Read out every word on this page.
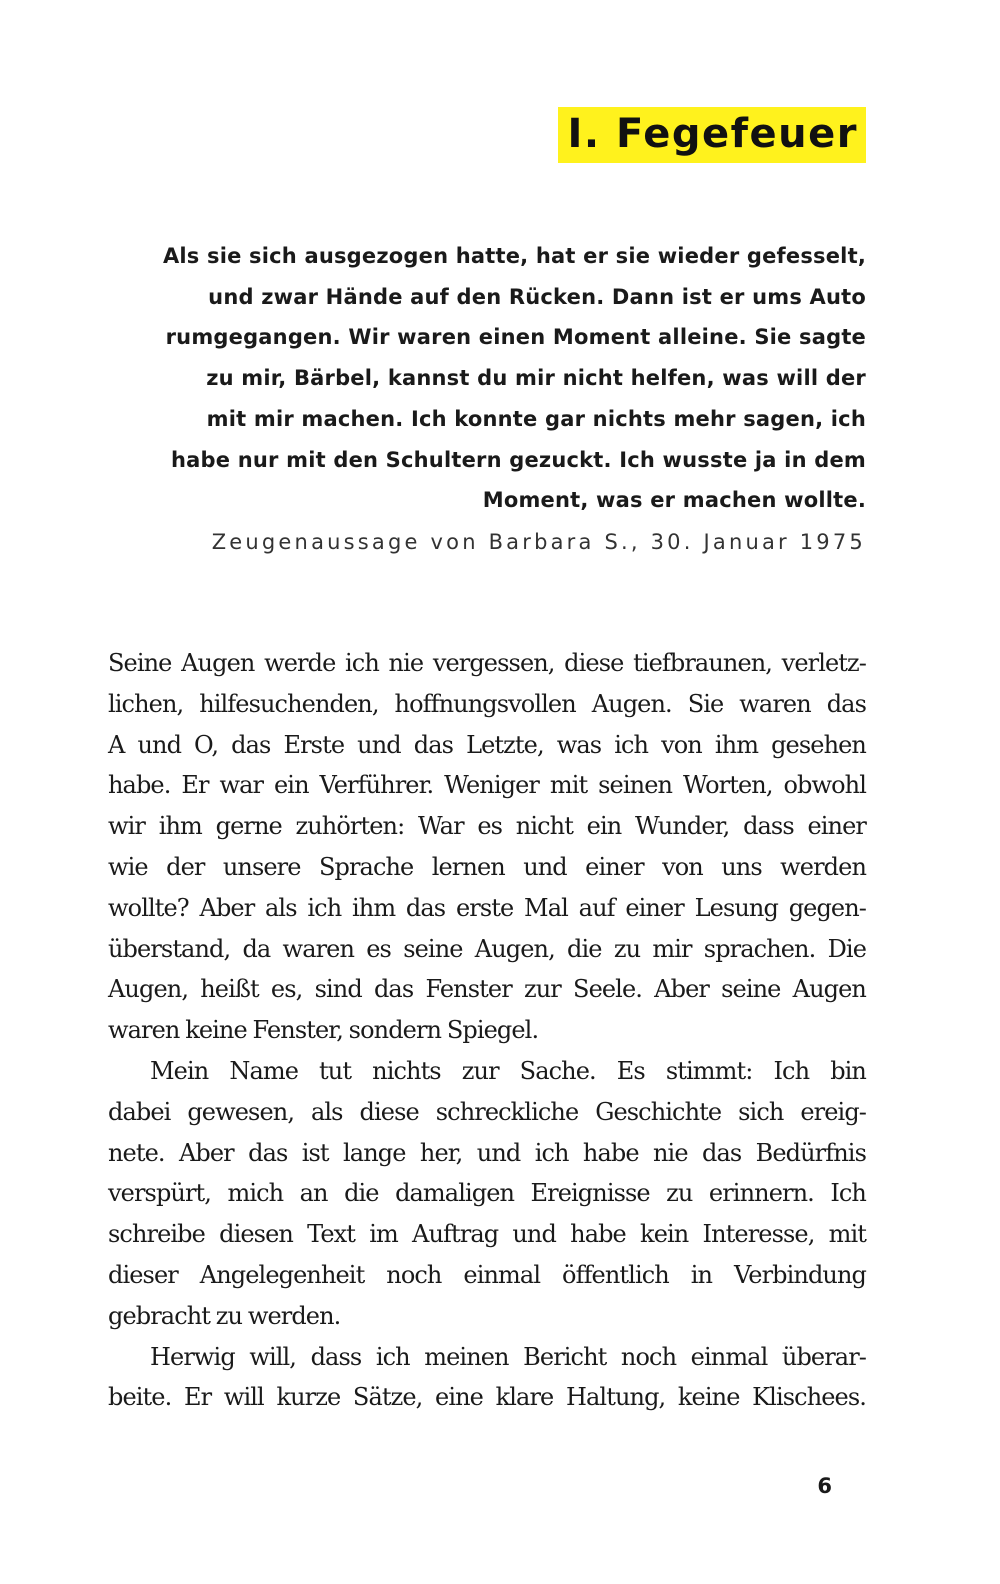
I. Fegefeuer
Als sie sich ausgezogen hatte, hat er sie wieder gefesselt,
und zwar Hände auf den Rücken. Dann ist er ums Auto
rumgegangen. Wir waren einen Moment alleine. Sie sagte
zu mir, Bärbel, kannst du mir nicht helfen, was will der
mit mir machen. Ich konnte gar nichts mehr sagen, ich
habe nur mit den Schultern gezuckt. Ich wusste ja in dem
Moment, was er machen wollte.
Zeugenaussage von Barbara S., 30. Januar 1975
Seine Augen werde ich nie vergessen, diese tiefbraunen, verletz-
lichen, hilfesuchenden, hoffnungsvollen Augen. Sie waren das
A und O, das Erste und das Letzte, was ich von ihm gesehen
habe. Er war ein Verführer. Weniger mit seinen Worten, obwohl
wir ihm gerne zuhörten: War es nicht ein Wunder, dass einer
wie der unsere Sprache lernen und einer von uns werden
wollte? Aber als ich ihm das erste Mal auf einer Lesung gegen-
überstand, da waren es seine Augen, die zu mir sprachen. Die
Augen, heißt es, sind das Fenster zur Seele. Aber seine Augen
waren keine Fenster, sondern Spiegel.
Mein Name tut nichts zur Sache. Es stimmt: Ich bin
dabei gewesen, als diese schreckliche Geschichte sich ereig-
nete. Aber das ist lange her, und ich habe nie das Bedürfnis
verspürt, mich an die damaligen Ereignisse zu erinnern. Ich
schreibe diesen Text im Auftrag und habe kein Interesse, mit
dieser Angelegenheit noch einmal öffentlich in Verbindung
gebracht zu werden.
Herwig will, dass ich meinen Bericht noch einmal überar-
beite. Er will kurze Sätze, eine klare Haltung, keine Klischees.
6
